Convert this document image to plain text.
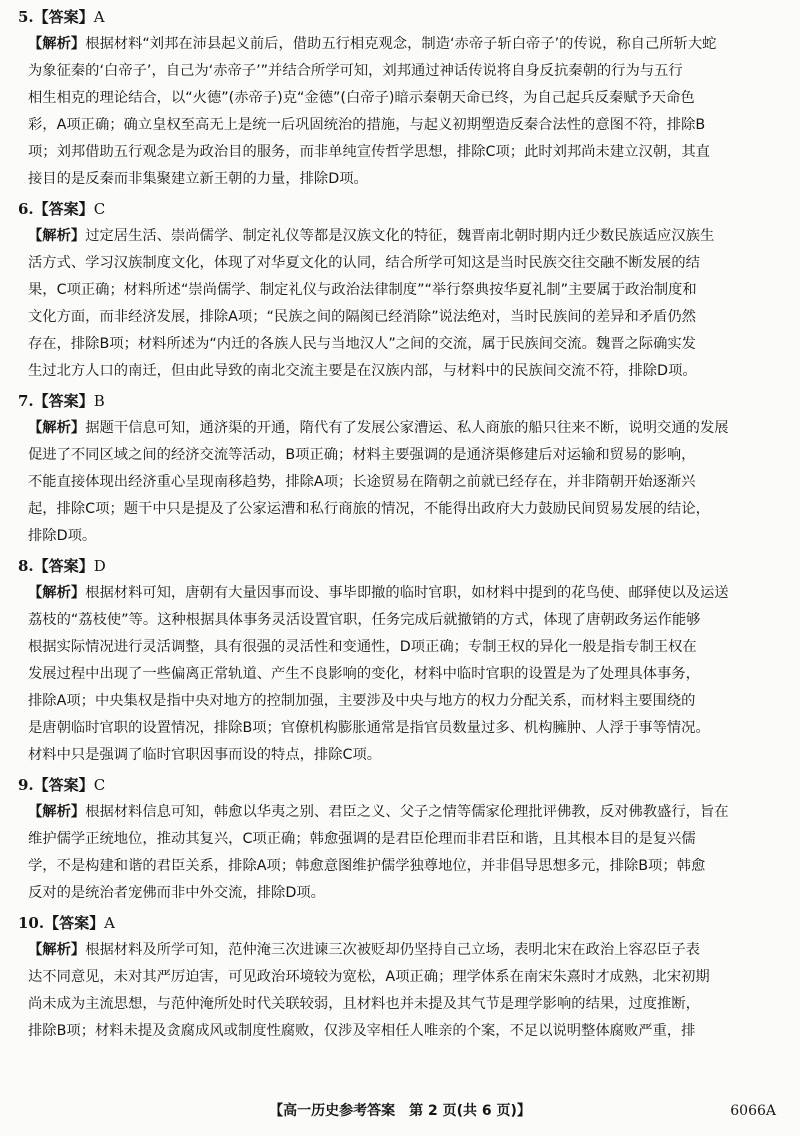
5.【答案】A
【解析】根据材料“刘邦在沛县起义前后，借助五行相克观念，制造‘赤帝子斩白帝子’的传说，称自己所斩大蛇
为象征秦的‘白帝子’，自己为‘赤帝子’”并结合所学可知，刘邦通过神话传说将自身反抗秦朝的行为与五行
相生相克的理论结合，以“火德”(赤帝子)克“金德”(白帝子)暗示秦朝天命已终，为自己起兵反秦赋予天命色
彩，A项正确；确立皇权至高无上是统一后巩固统治的措施，与起义初期塑造反秦合法性的意图不符，排除B
项；刘邦借助五行观念是为政治目的服务，而非单纯宣传哲学思想，排除C项；此时刘邦尚未建立汉朝，其直
接目的是反秦而非集聚建立新王朝的力量，排除D项。
6.【答案】C
【解析】过定居生活、崇尚儒学、制定礼仪等都是汉族文化的特征，魏晋南北朝时期内迁少数民族适应汉族生
活方式、学习汉族制度文化，体现了对华夏文化的认同，结合所学可知这是当时民族交往交融不断发展的结
果，C项正确；材料所述“崇尚儒学、制定礼仪与政治法律制度”“举行祭典按华夏礼制”主要属于政治制度和
文化方面，而非经济发展，排除A项；“民族之间的隔阂已经消除”说法绝对，当时民族间的差异和矛盾仍然
存在，排除B项；材料所述为“内迁的各族人民与当地汉人”之间的交流，属于民族间交流。魏晋之际确实发
生过北方人口的南迁，但由此导致的南北交流主要是在汉族内部，与材料中的民族间交流不符，排除D项。
7.【答案】B
【解析】据题干信息可知，通济渠的开通，隋代有了发展公家漕运、私人商旅的船只往来不断，说明交通的发展
促进了不同区域之间的经济交流等活动，B项正确；材料主要强调的是通济渠修建后对运输和贸易的影响，
不能直接体现出经济重心呈现南移趋势，排除A项；长途贸易在隋朝之前就已经存在，并非隋朝开始逐渐兴
起，排除C项；题干中只是提及了公家运漕和私行商旅的情况，不能得出政府大力鼓励民间贸易发展的结论，
排除D项。
8.【答案】D
【解析】根据材料可知，唐朝有大量因事而设、事毕即撤的临时官职，如材料中提到的花鸟使、邮驿使以及运送
荔枝的“荔枝使”等。这种根据具体事务灵活设置官职，任务完成后就撤销的方式，体现了唐朝政务运作能够
根据实际情况进行灵活调整，具有很强的灵活性和变通性，D项正确；专制王权的异化一般是指专制王权在
发展过程中出现了一些偏离正常轨道、产生不良影响的变化，材料中临时官职的设置是为了处理具体事务，
排除A项；中央集权是指中央对地方的控制加强，主要涉及中央与地方的权力分配关系，而材料主要围绕的
是唐朝临时官职的设置情况，排除B项；官僚机构膨胀通常是指官员数量过多、机构臃肿、人浮于事等情况。
材料中只是强调了临时官职因事而设的特点，排除C项。
9.【答案】C
【解析】根据材料信息可知，韩愈以华夷之别、君臣之义、父子之情等儒家伦理批评佛教，反对佛教盛行，旨在
维护儒学正统地位，推动其复兴，C项正确；韩愈强调的是君臣伦理而非君臣和谐，且其根本目的是复兴儒
学，不是构建和谐的君臣关系，排除A项；韩愈意图维护儒学独尊地位，并非倡导思想多元，排除B项；韩愈
反对的是统治者宠佛而非中外交流，排除D项。
10.【答案】A
【解析】根据材料及所学可知，范仲淹三次进谏三次被贬却仍坚持自己立场，表明北宋在政治上容忍臣子表
达不同意见，未对其严厉迫害，可见政治环境较为宽松，A项正确；理学体系在南宋朱熹时才成熟，北宋初期
尚未成为主流思想，与范仲淹所处时代关联较弱，且材料也并未提及其气节是理学影响的结果，过度推断，
排除B项；材料未提及贪腐成风或制度性腐败，仅涉及宰相任人唯亲的个案，不足以说明整体腐败严重，排
【高一历史参考答案　第 2 页(共 6 页)】	6066A
